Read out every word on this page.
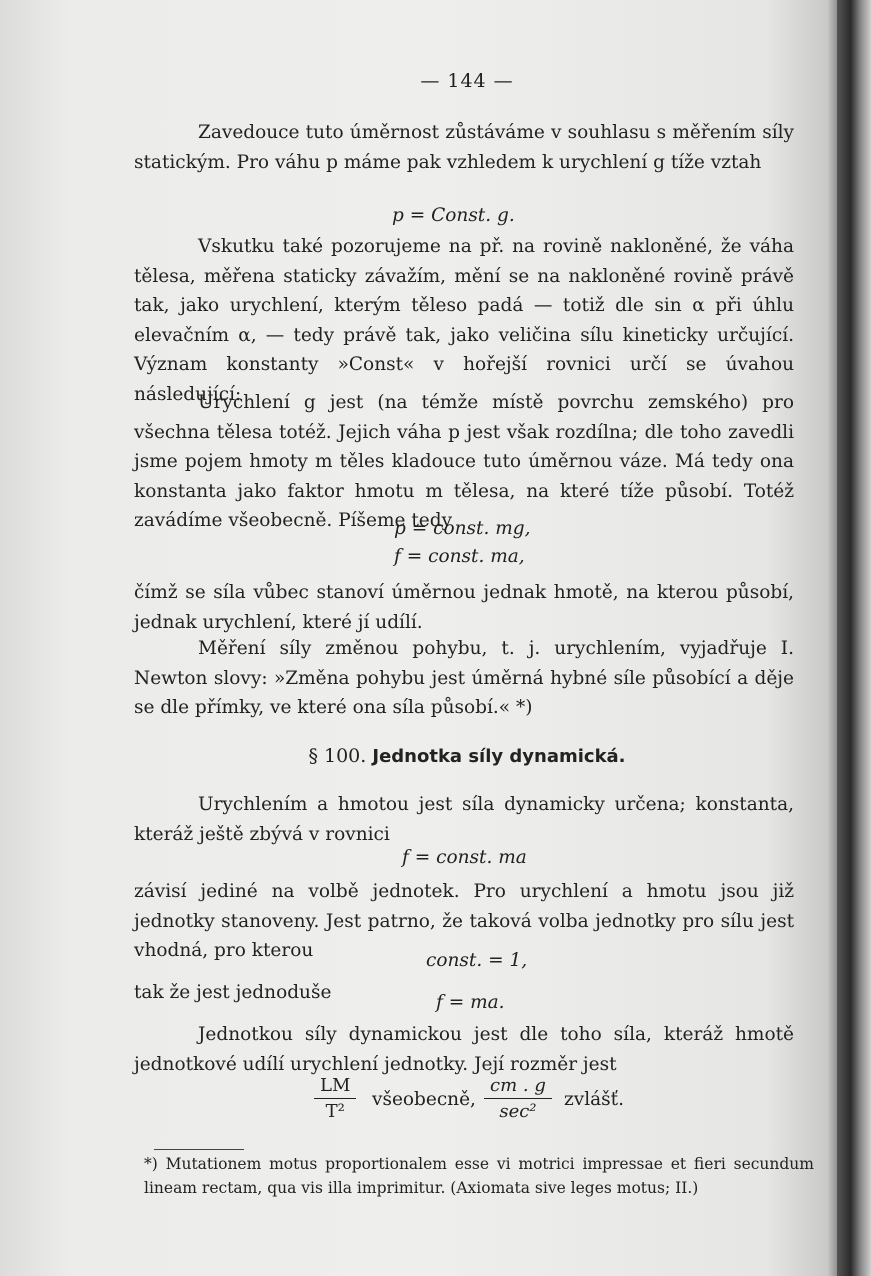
— 144 —

Zavedouce tuto úměrnost zůstáváme v souhlasu s měřením síly statickým. Pro váhu p máme pak vzhledem k urychlení g tíže vztah

p = Const. g.

Vskutku také pozorujeme na př. na rovině nakloněné, že váha tělesa, měřena staticky závažím, mění se na nakloněné rovině právě tak, jako urychlení, kterým těleso padá — totiž dle sin α při úhlu elevačním α, — tedy právě tak, jako veličina sílu kineticky určující. Význam konstanty »Const« v hořejší rovnici určí se úvahou následující:

Urychlení g jest (na témže místě povrchu zemského) pro všechna tělesa totéž. Jejich váha p jest však rozdílna; dle toho zavedli jsme pojem hmoty m těles kladouce tuto úměrnou váze. Má tedy ona konstanta jako faktor hmotu m tělesa, na které tíže působí. Totéž zavádíme všeobecně. Píšeme tedy

p = const. mg,
f = const. ma,

čímž se síla vůbec stanoví úměrnou jednak hmotě, na kterou působí, jednak urychlení, které jí udílí.

Měření síly změnou pohybu, t. j. urychlením, vyjadřuje I. Newton slovy: »Změna pohybu jest úměrná hybné síle působící a děje se dle přímky, ve které ona síla působí.« *)

§ 100. Jednotka síly dynamická.

Urychlením a hmotou jest síla dynamicky určena; konstanta, kteráž ještě zbývá v rovnici

f = const. ma

závisí jediné na volbě jednotek. Pro urychlení a hmotu jsou již jednotky stanoveny. Jest patrno, že taková volba jednotky pro sílu jest vhodná, pro kterou	const. = 1,

tak že jest jednoduše	f = ma.

Jednotkou síly dynamickou jest dle toho síla, kteráž hmotě jednotkové udílí urychlení jednotky. Její rozměr jest

$\frac{LM}{\text{T²}}$ všeobecně,
cm . g
sec²
zvlášť.
*) Mutationem motus proportionalem esse vi motrici impressae et fieri secundum lineam rectam, qua vis illa imprimitur. (Axiomata sive leges motus; II.)
